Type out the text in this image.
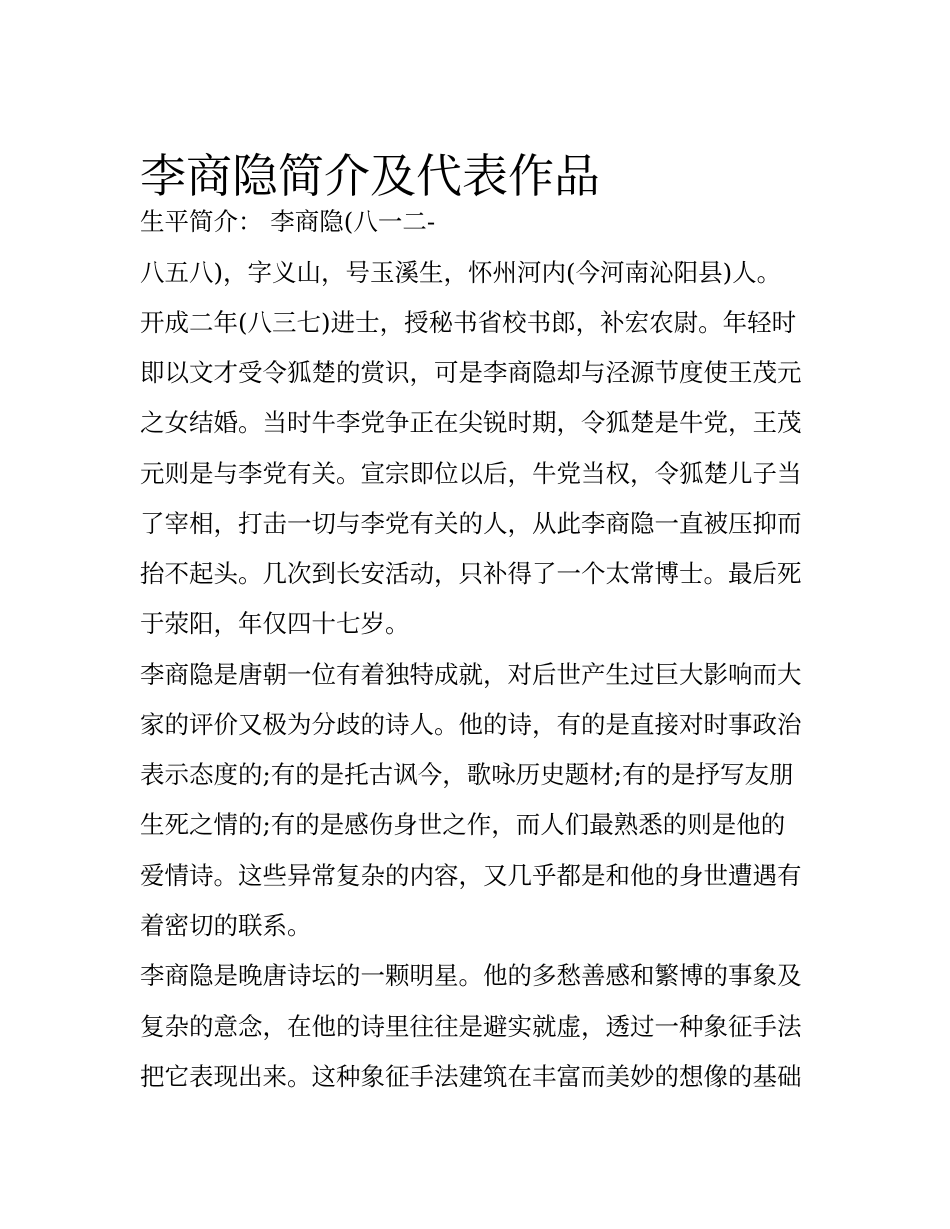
李商隐简介及代表作品
生平简介： 李商隐(八一二-
八五八)，字义山，号玉溪生，怀州河内(今河南沁阳县)人。
开成二年(八三七)进士，授秘书省校书郎，补宏农尉。年轻时
即以文才受令狐楚的赏识，可是李商隐却与泾源节度使王茂元
之女结婚。当时牛李党争正在尖锐时期，令狐楚是牛党，王茂
元则是与李党有关。宣宗即位以后，牛党当权，令狐楚儿子当
了宰相，打击一切与李党有关的人，从此李商隐一直被压抑而
抬不起头。几次到长安活动，只补得了一个太常博士。最后死
于荥阳，年仅四十七岁。
李商隐是唐朝一位有着独特成就，对后世产生过巨大影响而大
家的评价又极为分歧的诗人。他的诗，有的是直接对时事政治
表示态度的;有的是托古讽今，歌咏历史题材;有的是抒写友朋
生死之情的;有的是感伤身世之作，而人们最熟悉的则是他的
爱情诗。这些异常复杂的内容，又几乎都是和他的身世遭遇有
着密切的联系。
李商隐是晚唐诗坛的一颗明星。他的多愁善感和繁博的事象及
复杂的意念，在他的诗里往往是避实就虚，透过一种象征手法
把它表现出来。这种象征手法建筑在丰富而美妙的想像的基础
